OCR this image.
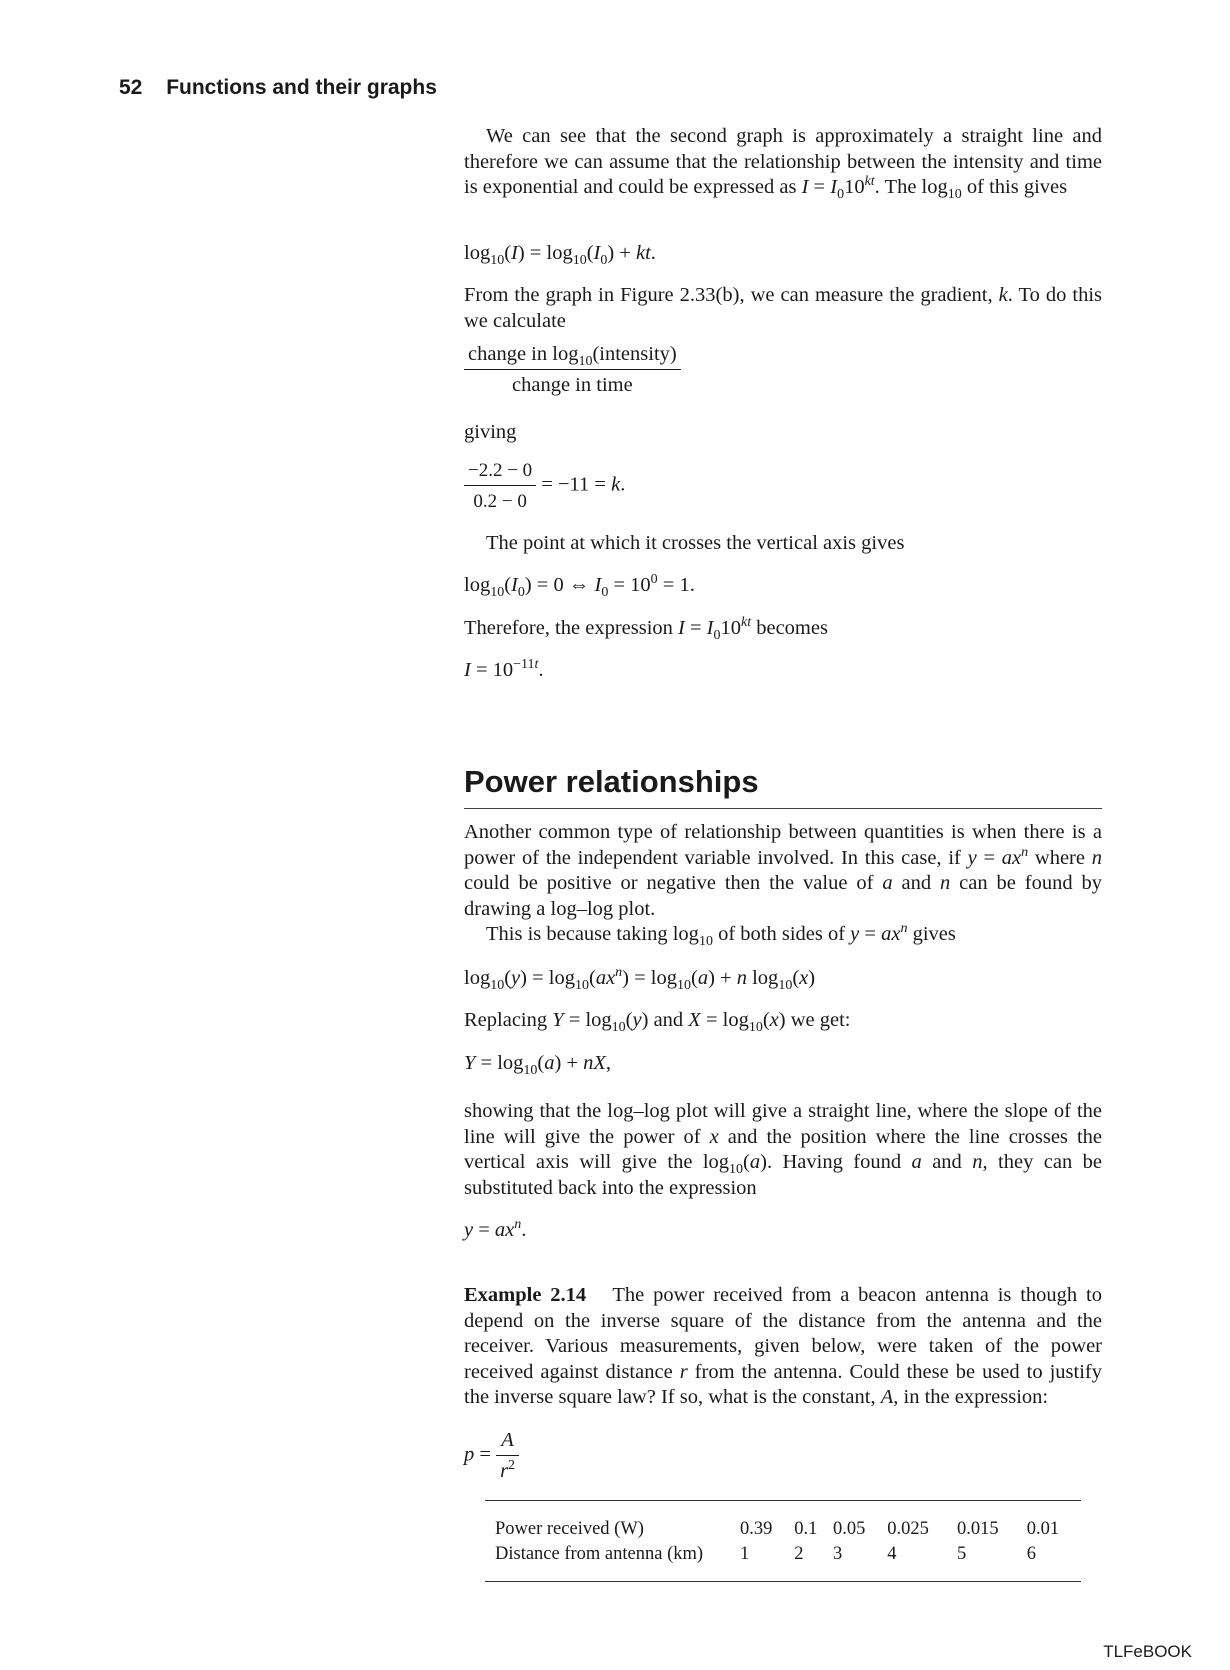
52 Functions and their graphs
We can see that the second graph is approximately a straight line and therefore we can assume that the relationship between the intensity and time is exponential and could be expressed as $I = I_010^{kt}$. The $\log_{10}$ of this gives
$\log_{10}(I) = \log_{10}(I_0)$ + kt.
From the graph in Figure 2.33(b), we can measure the gradient, k. To do this we calculate
$\frac{change in \log_{10}(intensity)}{\text{change in time}}$
giving
$\frac{-2.2 - 0}{0.2 - 0} = -11 = k$.
The point at which it crosses the vertical axis gives
$\log_{10}(I_0) = 0$ ⇔ $I_0 = 10^0 = 1$.
Therefore, the expression $I = I_010^{kt}$ becomes
$I = 10^{-11t}$.
Power relationships
Another common type of relationship between quantities is when there is a power of the independent variable involved. In this case, if $y = ax^n$ where n could be positive or negative then the value of a and n can be found by drawing a log–log plot.
This is because taking $\log_{10}$ of both sides of $y = ax^n$ gives
$\log_{10}(y) = \log_{10}(ax^n) = \log_{10}(a) + n$ $\log_{10}(x)$
Replacing $Y = \log_{10}(y)$ and $X = \log_{10}(x)$ we get:
$Y = \log_{10}(a)$ + nX,
showing that the log–log plot will give a straight line, where the slope of the line will give the power of x and the position where the line crosses the vertical axis will give the $\log_{10}(a)$. Having found a and n, they can be substituted back into the expression
$y = ax^n$.
Example 2.14 The power received from a beacon antenna is though to depend on the inverse square of the distance from the antenna and the receiver. Various measurements, given below, were taken of the power received against distance r from the antenna. Could these be used to justify the inverse square law? If so, what is the constant, A, in the expression:
$p = \frac{A}{r^2}$
Power received (W)	0.39	0.1	0.05	0.025	0.015	0.01
Distance from antenna (km)	1	2	3	4	5	6
TLFeBOOK
